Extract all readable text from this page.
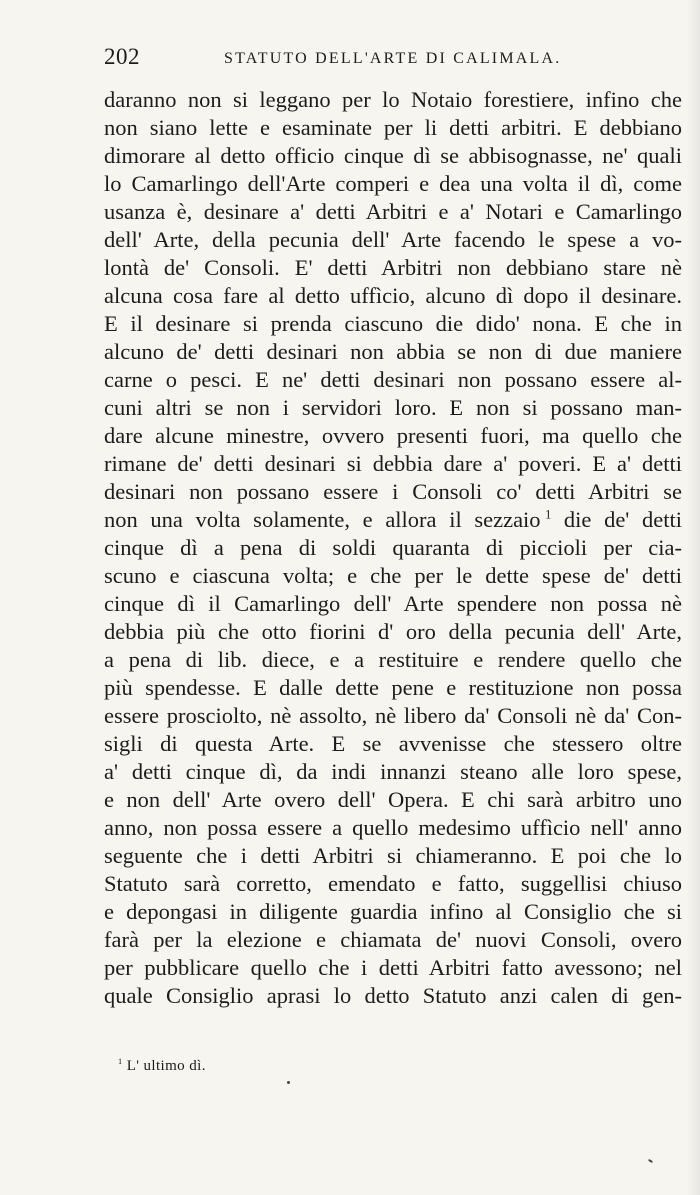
202	STATUTO DELL'ARTE DI CALIMALA.
daranno non si leggano per lo Notaio forestiere, infino che
non siano lette e esaminate per li detti arbitri. E debbiano
dimorare al detto officio cinque dì se abbisognasse, ne' quali
lo Camarlingo dell'Arte comperi e dea una volta il dì, come
usanza è, desinare a' detti Arbitri e a' Notari e Camarlingo
dell' Arte, della pecunia dell' Arte facendo le spese a vo-
lontà de' Consoli. E' detti Arbitri non debbiano stare nè
alcuna cosa fare al detto uffìcio, alcuno dì dopo il desinare.
E il desinare si prenda ciascuno die dido' nona. E che in
alcuno de' detti desinari non abbia se non di due maniere
carne o pesci. E ne' detti desinari non possano essere al-
cuni altri se non i servidori loro. E non si possano man-
dare alcune minestre, ovvero presenti fuori, ma quello che
rimane de' detti desinari si debbia dare a' poveri. E a' detti
desinari non possano essere i Consoli co' detti Arbitri se
non una volta solamente, e allora il sezzaio  $^1$ die de' detti
cinque dì a pena di soldi quaranta di piccioli per cia-
scuno e ciascuna volta; e che per le dette spese de' detti
cinque dì il Camarlingo dell' Arte spendere non possa nè
debbia più che otto fiorini d' oro della pecunia dell' Arte,
a pena di lib. diece, e a restituire e rendere quello che
più spendesse. E dalle dette pene e restituzione non possa
essere prosciolto, nè assolto, nè libero da' Consoli nè da' Con-
sigli di questa Arte. E se avvenisse che stessero oltre
a' detti cinque dì, da indi innanzi steano alle loro spese,
e non dell' Arte overo dell' Opera. E chi sarà arbitro uno
anno, non possa essere a quello medesimo uffìcio nell' anno
seguente che i detti Arbitri si chiameranno. E poi che lo
Statuto sarà corretto, emendato e fatto, suggellisi chiuso
e depongasi in diligente guardia infino al Consiglio che si
farà per la elezione e chiamata de' nuovi Consoli, overo
per pubblicare quello che i detti Arbitri fatto avessono; nel
quale Consiglio aprasi lo detto Statuto anzi calen di gen-
$^1$ L' ultimo dì.
